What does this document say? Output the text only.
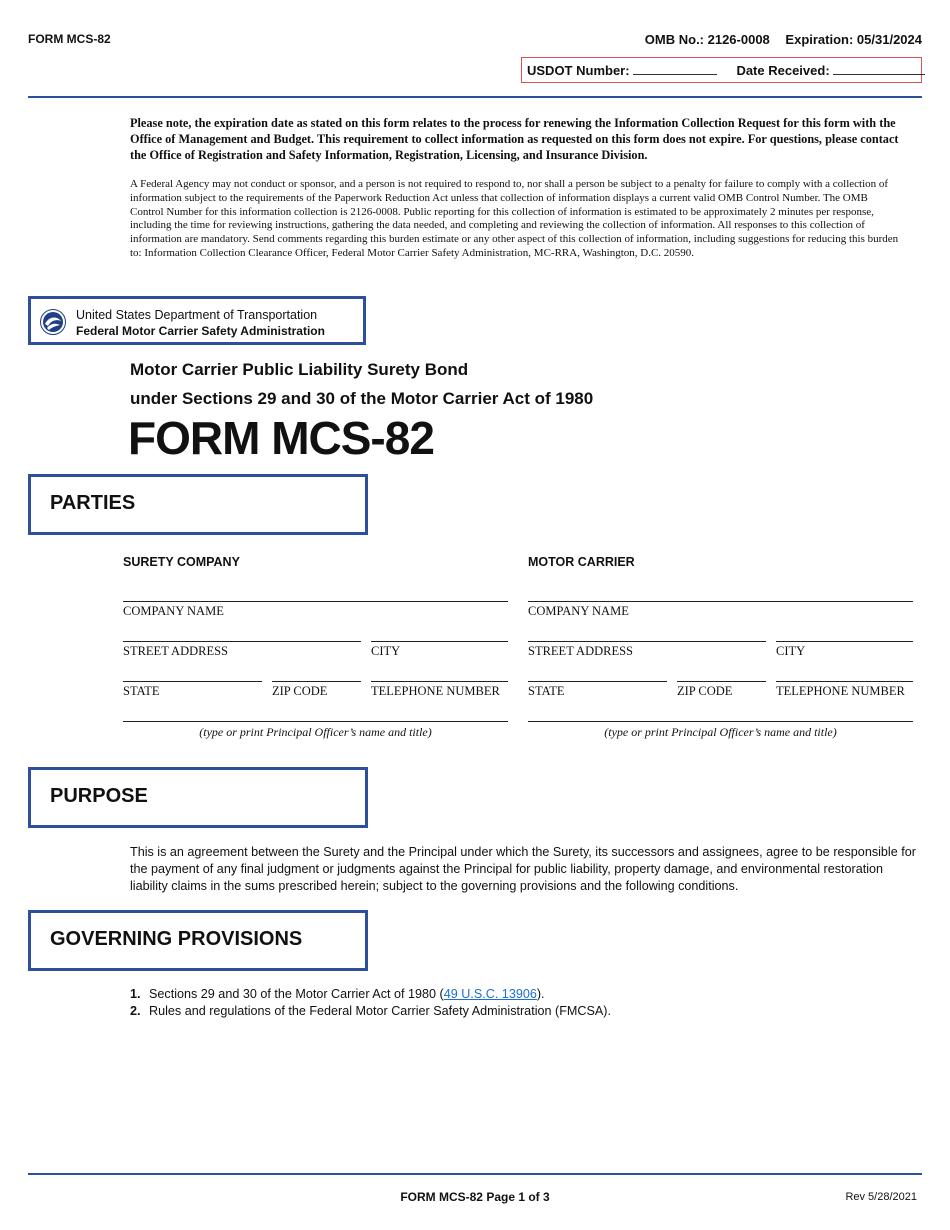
FORM MCS-82	OMB No.: 2126-0008 Expiration: 05/31/2024
USDOT Number:	Date Received:
Please note, the expiration date as stated on this form relates to the process for renewing the Information Collection Request for this form with the Office of Management and Budget. This requirement to collect information as requested on this form does not expire. For questions, please contact the Office of Registration and Safety Information, Registration, Licensing, and Insurance Division.
A Federal Agency may not conduct or sponsor, and a person is not required to respond to, nor shall a person be subject to a penalty for failure to comply with a collection of information subject to the requirements of the Paperwork Reduction Act unless that collection of information displays a current valid OMB Control Number. The OMB Control Number for this information collection is 2126-0008. Public reporting for this collection of information is estimated to be approximately 2 minutes per response, including the time for reviewing instructions, gathering the data needed, and completing and reviewing the collection of information. All responses to this collection of information are mandatory. Send comments regarding this burden estimate or any other aspect of this collection of information, including suggestions for reducing this burden to: Information Collection Clearance Officer, Federal Motor Carrier Safety Administration, MC-RRA, Washington, D.C. 20590.
United States Department of Transportation
Federal Motor Carrier Safety Administration
Motor Carrier Public Liability Surety Bond
under Sections 29 and 30 of the Motor Carrier Act of 1980
FORM MCS-82
PARTIES
SURETY COMPANY	MOTOR CARRIER
COMPANY NAME
STREET ADDRESS	CITY
STATE	ZIP CODE	TELEPHONE NUMBER
(type or print Principal Officer’s name and title)
COMPANY NAME
STREET ADDRESS	CITY
STATE	ZIP CODE	TELEPHONE NUMBER
(type or print Principal Officer’s name and title)
PURPOSE
This is an agreement between the Surety and the Principal under which the Surety, its successors and assignees, agree to be responsible for the payment of any final judgment or judgments against the Principal for public liability, property damage, and environmental restoration liability claims in the sums prescribed herein; subject to the governing provisions and the following conditions.
GOVERNING PROVISIONS
1. Sections 29 and 30 of the Motor Carrier Act of 1980 (49 U.S.C. 13906).
2. Rules and regulations of the Federal Motor Carrier Safety Administration (FMCSA).
FORM MCS-82 Page 1 of 3	Rev 5/28/2021
